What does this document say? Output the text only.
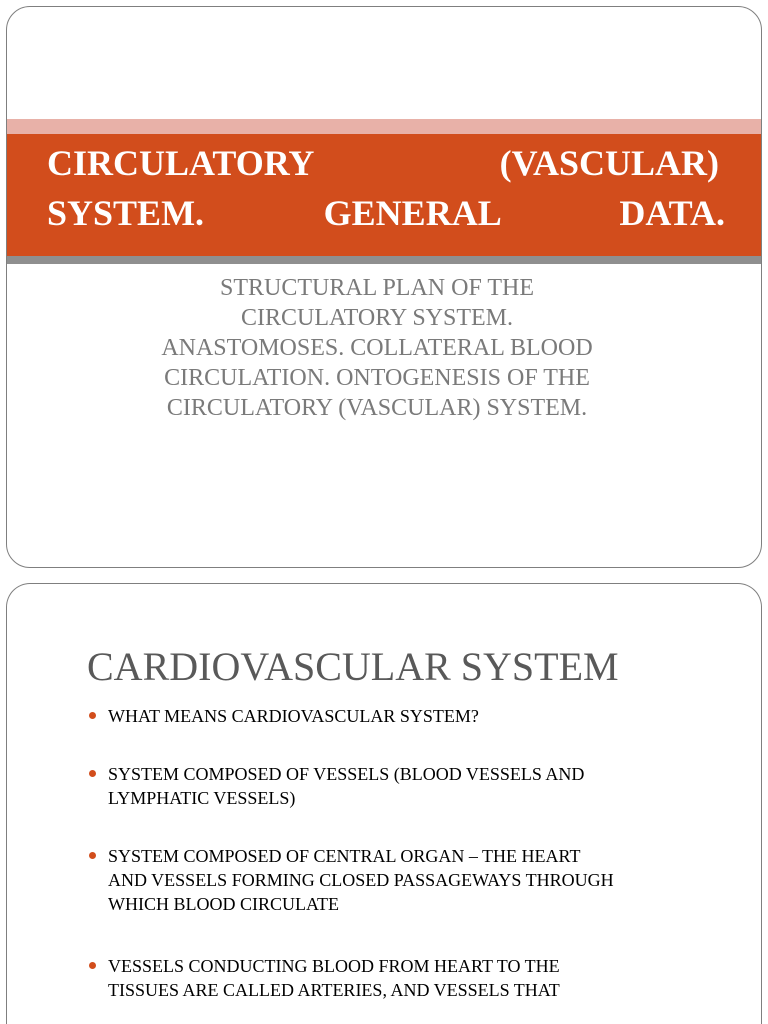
CIRCULATORY	(VASCULAR)
SYSTEM. GENERAL DATA.

STRUCTURAL PLAN OF THE
CIRCULATORY SYSTEM.
ANASTOMOSES. COLLATERAL BLOOD
CIRCULATION. ONTOGENESIS OF THE
CIRCULATORY (VASCULAR) SYSTEM.

CARDIOVASCULAR SYSTEM
WHAT MEANS CARDIOVASCULAR SYSTEM?
SYSTEM COMPOSED OF VESSELS (BLOOD VESSELS AND
LYMPHATIC VESSELS)
SYSTEM COMPOSED OF CENTRAL ORGAN – THE HEART
AND VESSELS FORMING CLOSED PASSAGEWAYS THROUGH
WHICH BLOOD CIRCULATE
VESSELS CONDUCTING BLOOD FROM HEART TO THE
TISSUES ARE CALLED ARTERIES, AND VESSELS THAT
